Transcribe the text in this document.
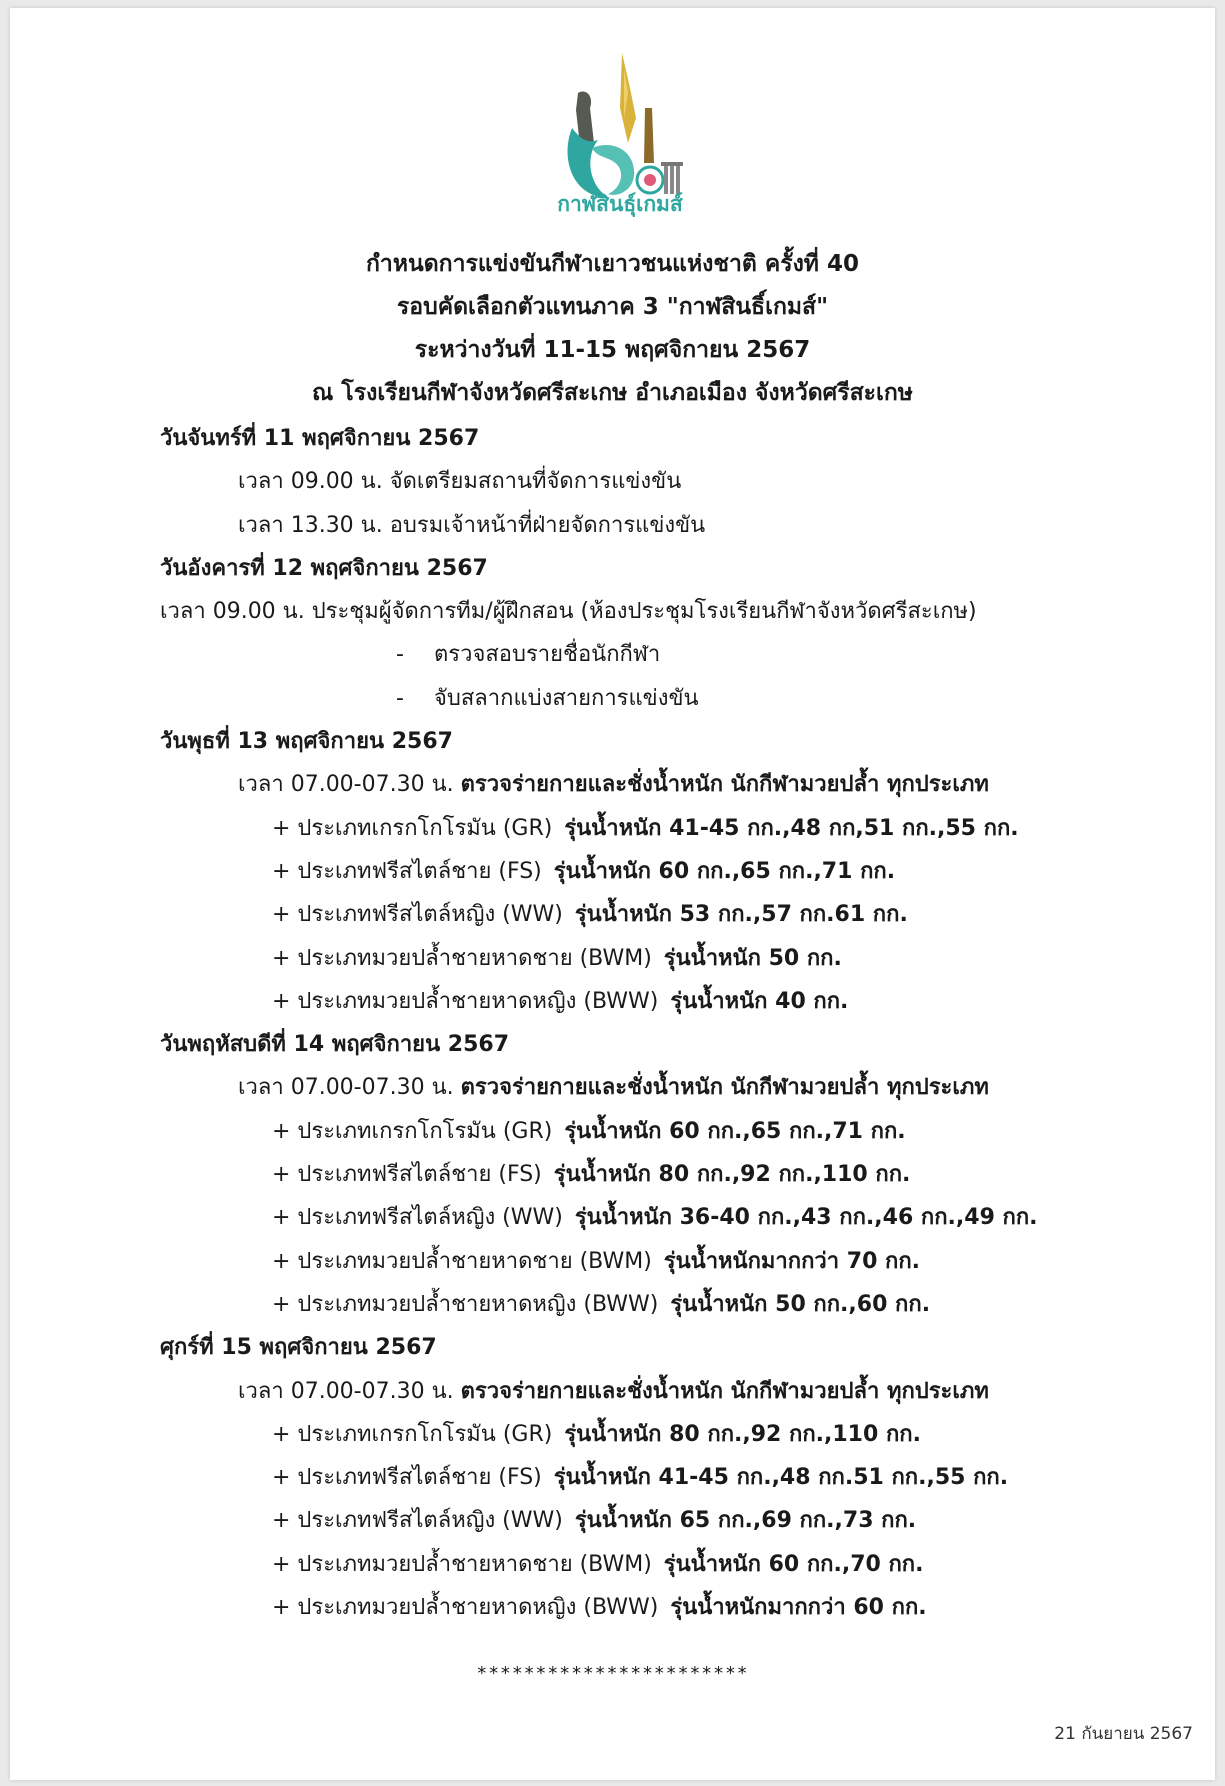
กาฬสินธุ์เกมส์
กำหนดการแข่งขันกีฬาเยาวชนแห่งชาติ ครั้งที่ 40
รอบคัดเลือกตัวแทนภาค 3 "กาฬสินธิ์เกมส์"
ระหว่างวันที่ 11-15 พฤศจิกายน 2567
ณ โรงเรียนกีฬาจังหวัดศรีสะเกษ อำเภอเมือง จังหวัดศรีสะเกษ
วันจันทร์ที่ 11 พฤศจิกายน 2567
เวลา 09.00 น. จัดเตรียมสถานที่จัดการแข่งขัน
เวลา 13.30 น. อบรมเจ้าหน้าที่ฝ่ายจัดการแข่งขัน
วันอังคารที่ 12 พฤศจิกายน 2567
เวลา 09.00 น. ประชุมผู้จัดการทีม/ผู้ฝึกสอน (ห้องประชุมโรงเรียนกีฬาจังหวัดศรีสะเกษ)
- ตรวจสอบรายชื่อนักกีฬา
- จับสลากแบ่งสายการแข่งขัน
วันพุธที่ 13 พฤศจิกายน 2567
เวลา 07.00-07.30 น. ตรวจร่ายกายและชั่งน้ำหนัก นักกีฬามวยปล้ำ ทุกประเภท
+ ประเภทเกรกโกโรมัน (GR) รุ่นน้ำหนัก 41-45 กก.,48 กก,51 กก.,55 กก.
+ ประเภทฟรีสไตล์ชาย (FS) รุ่นน้ำหนัก 60 กก.,65 กก.,71 กก.
+ ประเภทฟรีสไตล์หญิง (WW) รุ่นน้ำหนัก 53 กก.,57 กก.61 กก.
+ ประเภทมวยปล้ำชายหาดชาย (BWM) รุ่นน้ำหนัก 50 กก.
+ ประเภทมวยปล้ำชายหาดหญิง (BWW) รุ่นน้ำหนัก 40 กก.
วันพฤหัสบดีที่ 14 พฤศจิกายน 2567
เวลา 07.00-07.30 น. ตรวจร่ายกายและชั่งน้ำหนัก นักกีฬามวยปล้ำ ทุกประเภท
+ ประเภทเกรกโกโรมัน (GR) รุ่นน้ำหนัก 60 กก.,65 กก.,71 กก.
+ ประเภทฟรีสไตล์ชาย (FS) รุ่นน้ำหนัก 80 กก.,92 กก.,110 กก.
+ ประเภทฟรีสไตล์หญิง (WW) รุ่นน้ำหนัก 36-40 กก.,43 กก.,46 กก.,49 กก.
+ ประเภทมวยปล้ำชายหาดชาย (BWM) รุ่นน้ำหนักมากกว่า 70 กก.
+ ประเภทมวยปล้ำชายหาดหญิง (BWW) รุ่นน้ำหนัก 50 กก.,60 กก.
ศุกร์ที่ 15 พฤศจิกายน 2567
เวลา 07.00-07.30 น. ตรวจร่ายกายและชั่งน้ำหนัก นักกีฬามวยปล้ำ ทุกประเภท
+ ประเภทเกรกโกโรมัน (GR) รุ่นน้ำหนัก 80 กก.,92 กก.,110 กก.
+ ประเภทฟรีสไตล์ชาย (FS) รุ่นน้ำหนัก 41-45 กก.,48 กก.51 กก.,55 กก.
+ ประเภทฟรีสไตล์หญิง (WW) รุ่นน้ำหนัก 65 กก.,69 กก.,73 กก.
+ ประเภทมวยปล้ำชายหาดชาย (BWM) รุ่นน้ำหนัก 60 กก.,70 กก.
+ ประเภทมวยปล้ำชายหาดหญิง (BWW) รุ่นน้ำหนักมากกว่า 60 กก.
***********************
21 กันยายน 2567
